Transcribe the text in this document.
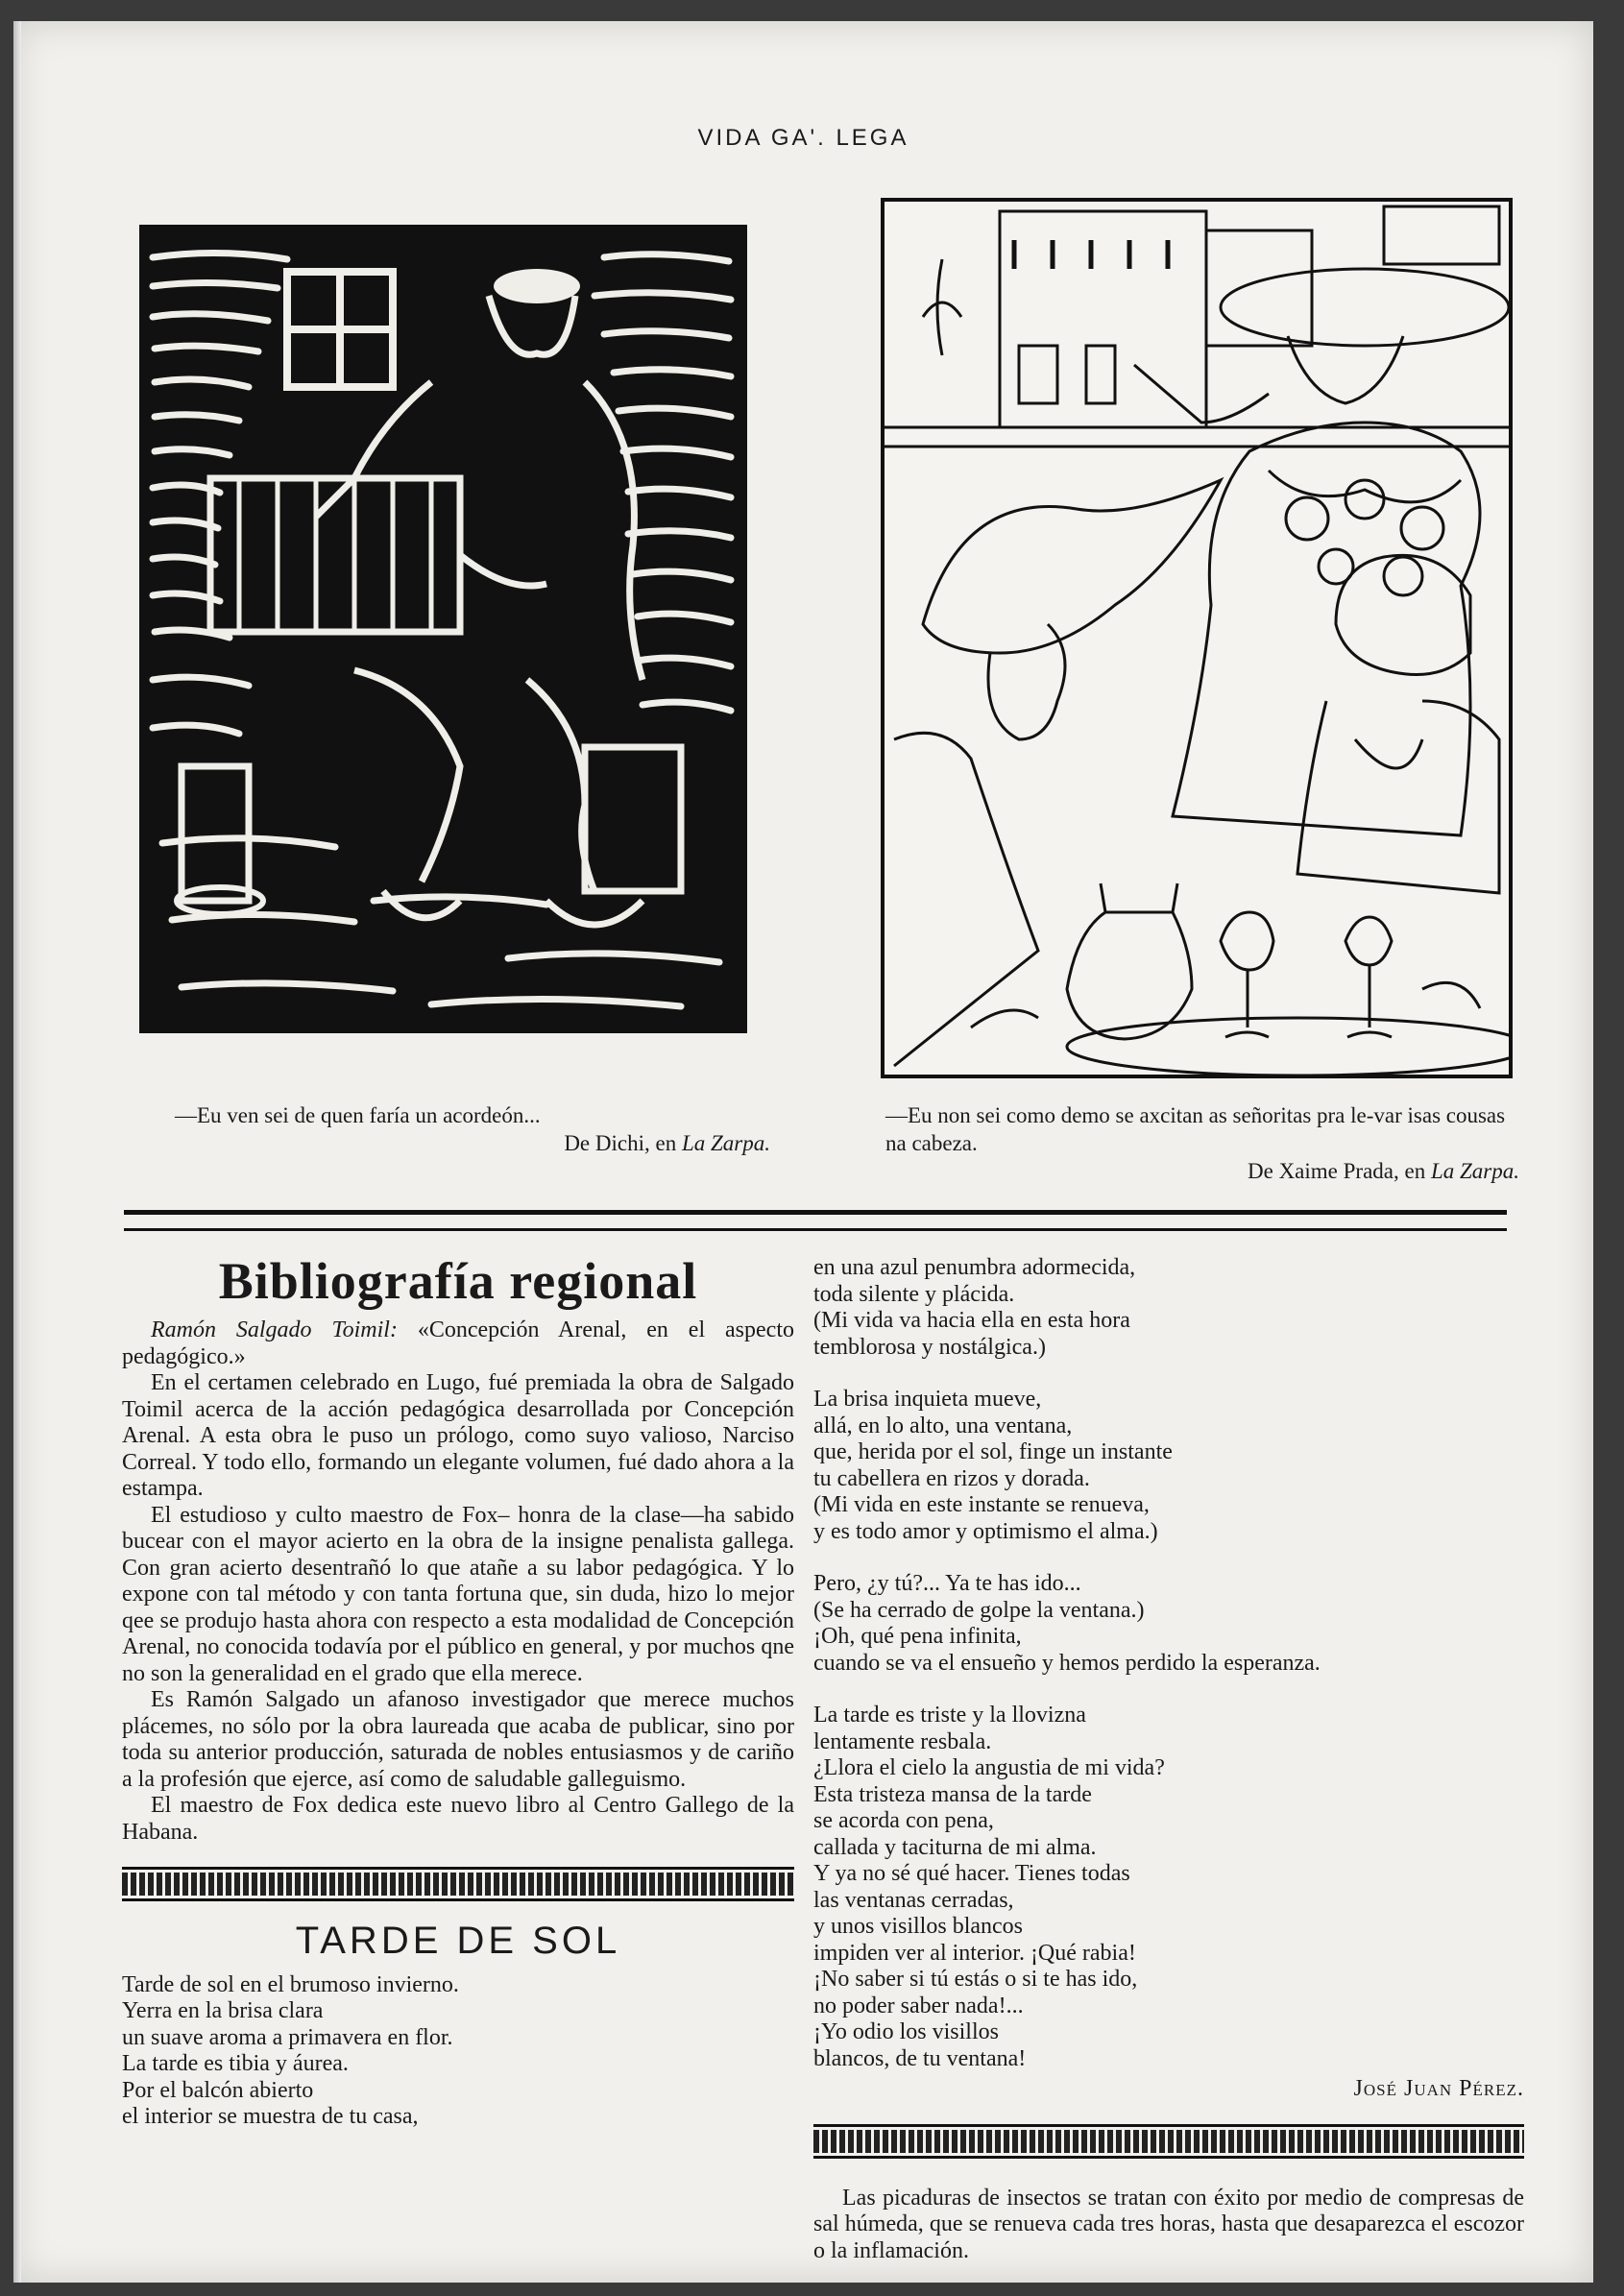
VIDA GA'. LEGA
—Eu ven sei de quen faría un acordeón...
De Dichi, en La Zarpa.
—Eu non sei como demo se axcitan as señoritas pra le-var isas cousas na cabeza.
De Xaime Prada, en La Zarpa.
Bibliografía regional

Ramón Salgado Toimil: «Concepción Arenal, en el aspecto pedagógico.»

En el certamen celebrado en Lugo, fué premiada la obra de Salgado Toimil acerca de la acción pedagógica desarrollada por Concepción Arenal. A esta obra le puso un prólogo, como suyo valioso, Narciso Correal. Y todo ello, formando un elegante volumen, fué dado ahora a la estampa.

El estudioso y culto maestro de Fox– honra de la clase—ha sabido bucear con el mayor acierto en la obra de la insigne penalista gallega. Con gran acierto desentrañó lo que atañe a su labor pedagógica. Y lo expone con tal método y con tanta fortuna que, sin duda, hizo lo mejor qee se produjo hasta ahora con respecto a esta modalidad de Concepción Arenal, no conocida todavía por el público en general, y por muchos qne no son la generalidad en el grado que ella merece.

Es Ramón Salgado un afanoso investigador que merece muchos plácemes, no sólo por la obra laureada que acaba de publicar, sino por toda su anterior producción, saturada de nobles entusiasmos y de cariño a la profesión que ejerce, así como de saludable galleguismo.

El maestro de Fox dedica este nuevo libro al Centro Gallego de la Habana.

TARDE DE SOL

Tarde de sol en el brumoso invierno.

Yerra en la brisa clara

un suave aroma a primavera en flor.

La tarde es tibia y áurea.

Por el balcón abierto

el interior se muestra de tu casa,

en una azul penumbra adormecida,

toda silente y plácida.

(Mi vida va hacia ella en esta hora

temblorosa y nostálgica.)

La brisa inquieta mueve,

allá, en lo alto, una ventana,

que, herida por el sol, finge un instante

tu cabellera en rizos y dorada.

(Mi vida en este instante se renueva,

y es todo amor y optimismo el alma.)

Pero, ¿y tú?... Ya te has ido...

(Se ha cerrado de golpe la ventana.)

¡Oh, qué pena infinita,

cuando se va el ensueño y hemos perdido la esperanza.

La tarde es triste y la llovizna

lentamente resbala.

¿Llora el cielo la angustia de mi vida?

Esta tristeza mansa de la tarde

se acorda con pena,

callada y taciturna de mi alma.

Y ya no sé qué hacer. Tienes todas

las ventanas cerradas,

y unos visillos blancos

impiden ver al interior. ¡Qué rabia!

¡No saber si tú estás o si te has ido,

no poder saber nada!...

¡Yo odio los visillos

blancos, de tu ventana!

José Juan Pérez.

Las picaduras de insectos se tratan con éxito por medio de compresas de sal húmeda, que se renueva cada tres horas, hasta que desaparezca el escozor o la inflamación.
